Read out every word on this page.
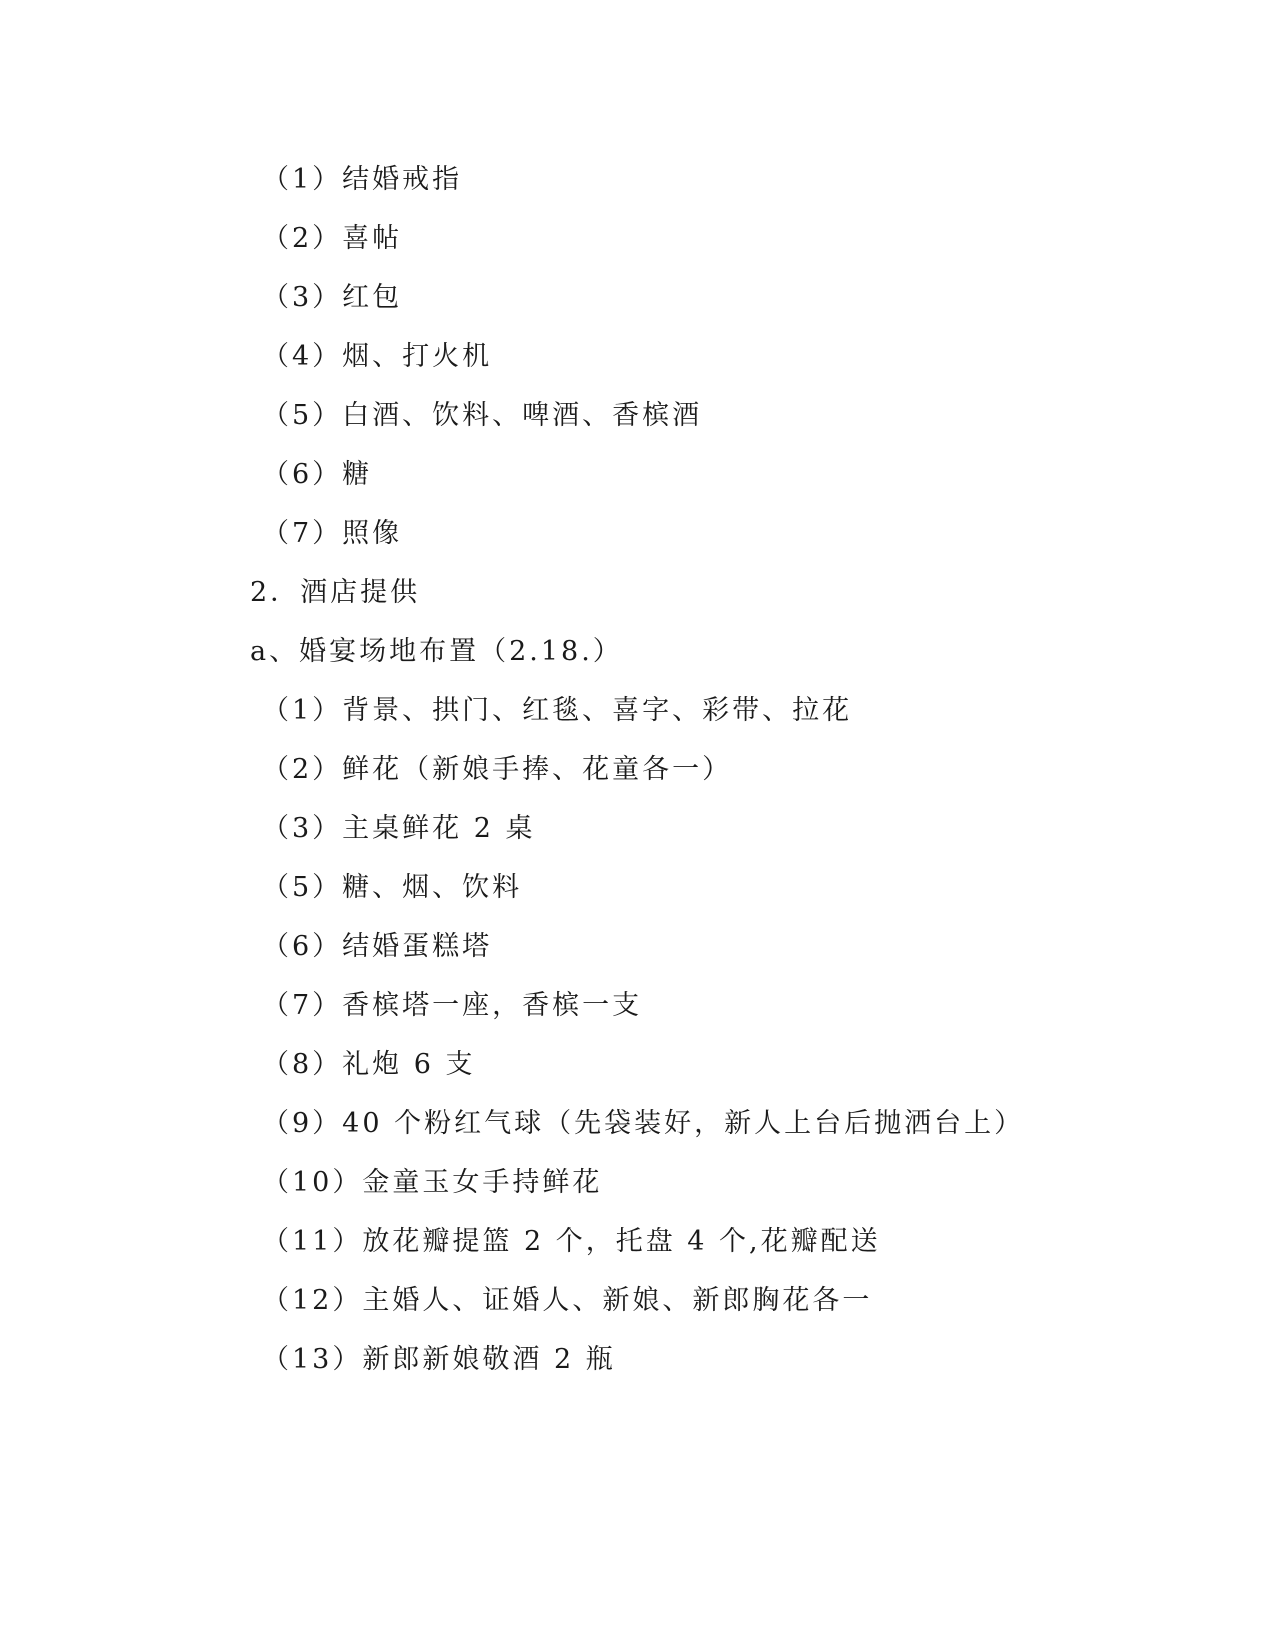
（1）结婚戒指
（2）喜帖
（3）红包
（4）烟、打火机
（5）白酒、饮料、啤酒、香槟酒
（6）糖
（7）照像
2．酒店提供
a、婚宴场地布置（2.18.）
（1）背景、拱门、红毯、喜字、彩带、拉花
（2）鲜花（新娘手捧、花童各一）
（3）主桌鲜花 2 桌
（5）糖、烟、饮料
（6）结婚蛋糕塔
（7）香槟塔一座，香槟一支
（8）礼炮 6 支
（9）40 个粉红气球（先袋装好，新人上台后抛洒台上）
（10）金童玉女手持鲜花
（11）放花瓣提篮 2 个，托盘 4 个,花瓣配送
（12）主婚人、证婚人、新娘、新郎胸花各一
（13）新郎新娘敬酒 2 瓶
